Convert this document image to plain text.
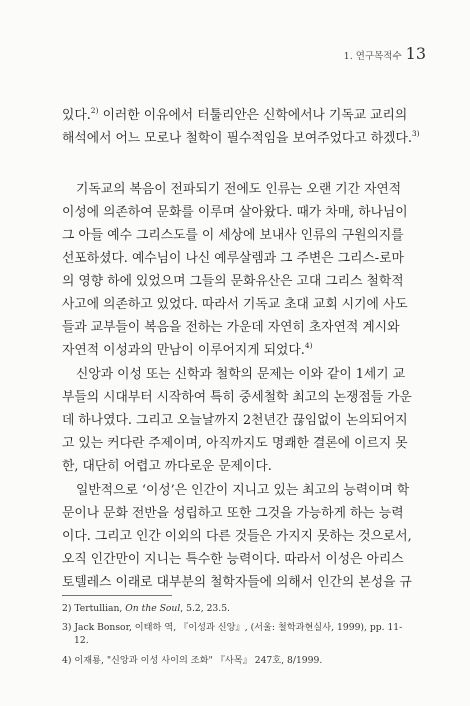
1. 연구목적수 13
있다.$^{2)}$ 이러한 이유에서 터툴리안은 신학에서나 기독교 교리의
해석에서 어느 모로나 철학이 필수적임을 보여주었다고 하겠다.$^{3)}$
기독교의 복음이 전파되기 전에도 인류는 오랜 기간 자연적
이성에 의존하여 문화를 이루며 살아왔다. 때가 차매, 하나님이
그 아들 예수 그리스도를 이 세상에 보내사 인류의 구원의지를
선포하셨다. 예수님이 나신 예루살렘과 그 주변은 그리스-로마
의 영향 하에 있었으며 그들의 문화유산은 고대 그리스 철학적
사고에 의존하고 있었다. 따라서 기독교 초대 교회 시기에 사도
들과 교부들이 복음을 전하는 가운데 자연히 초자연적 계시와
자연적 이성과의 만남이 이루어지게 되었다.$^{4)}$
신앙과 이성 또는 신학과 철학의 문제는 이와 같이 1세기 교
부들의 시대부터 시작하여 특히 중세철학 최고의 논쟁점들 가운
데 하나였다. 그리고 오늘날까지 2천년간 끊임없이 논의되어지
고 있는 커다란 주제이며, 아직까지도 명쾌한 결론에 이르지 못
한, 대단히 어렵고 까다로운 문제이다.
일반적으로 ‘이성’은 인간이 지니고 있는 최고의 능력이며 학
문이나 문화 전반을 성립하고 또한 그것을 가능하게 하는 능력
이다. 그리고 인간 이외의 다른 것들은 가지지 못하는 것으로서,
오직 인간만이 지니는 특수한 능력이다. 따라서 이성은 아리스
토텔레스 이래로 대부분의 철학자들에 의해서 인간의 본성을 규
2) Tertullian, On the Soul, 5.2, 23.5.
3) Jack Bonsor, 이태하 역, 『이성과 신앙』, (서울: 철학과현실사, 1999), pp. 11-
12.
4) 이재룡, "신앙과 이성 사이의 조화" 『사목』 247호, 8/1999.
